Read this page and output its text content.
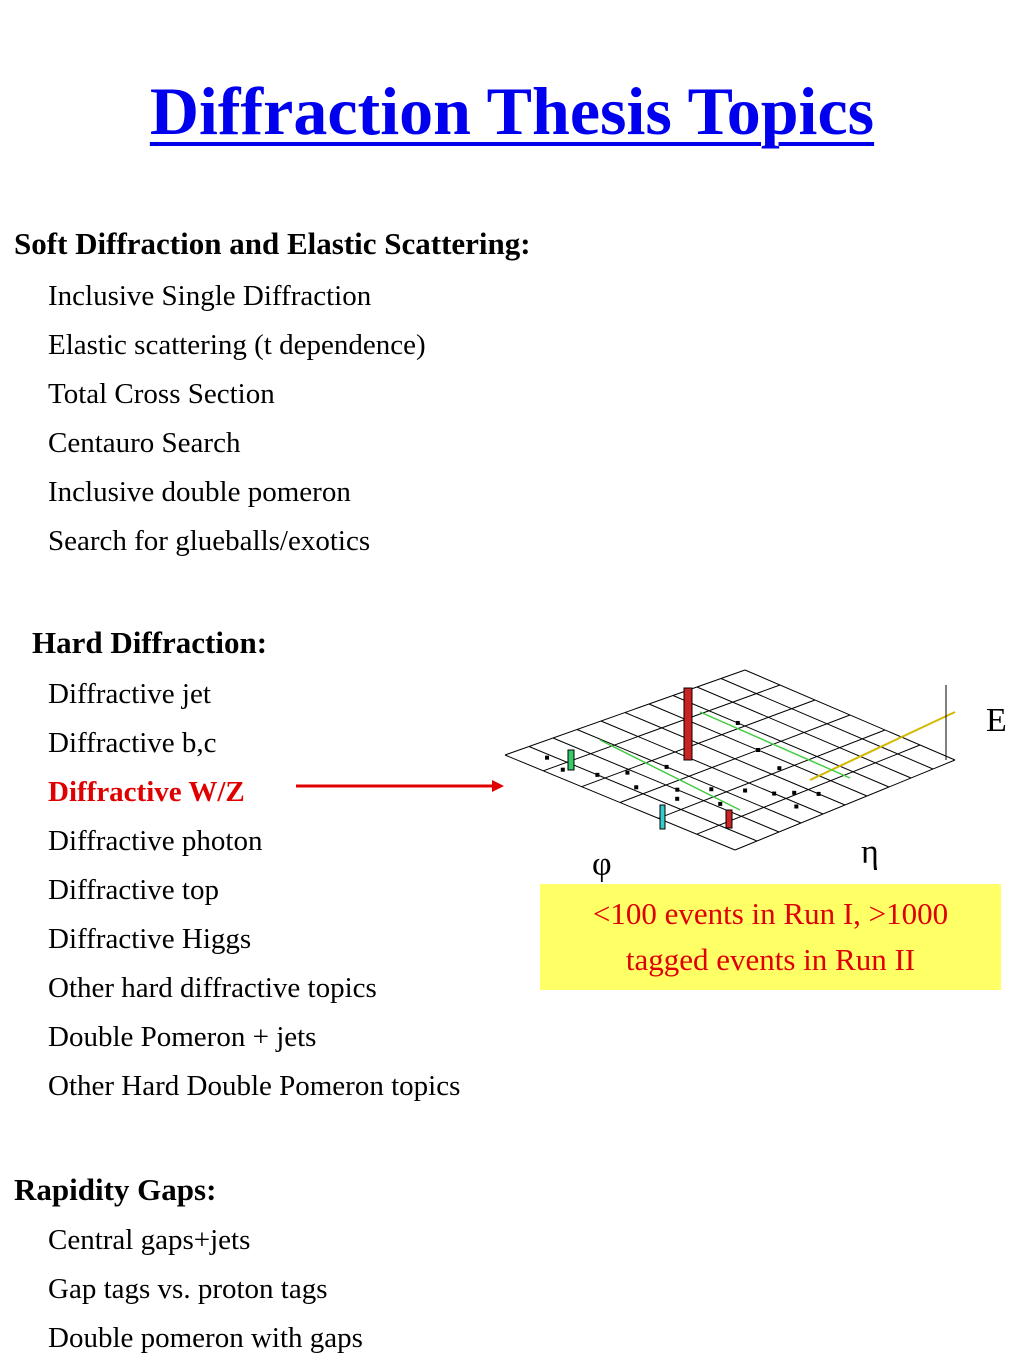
Diffraction Thesis Topics
Soft Diffraction and Elastic Scattering:
Inclusive Single Diffraction
Elastic scattering (t dependence)
Total Cross Section
Centauro Search
Inclusive double pomeron
Search for glueballs/exotics
Hard Diffraction:
Diffractive jet
Diffractive b,c
Diffractive W/Z
Diffractive photon
Diffractive top
Diffractive Higgs
Other hard diffractive topics
Double Pomeron + jets
Other Hard Double Pomeron topics
Rapidity Gaps:
Central gaps+jets
Gap tags vs. proton tags
Double pomeron with gaps
E
η
φ
<100 events in Run I, >1000
tagged events in Run II
